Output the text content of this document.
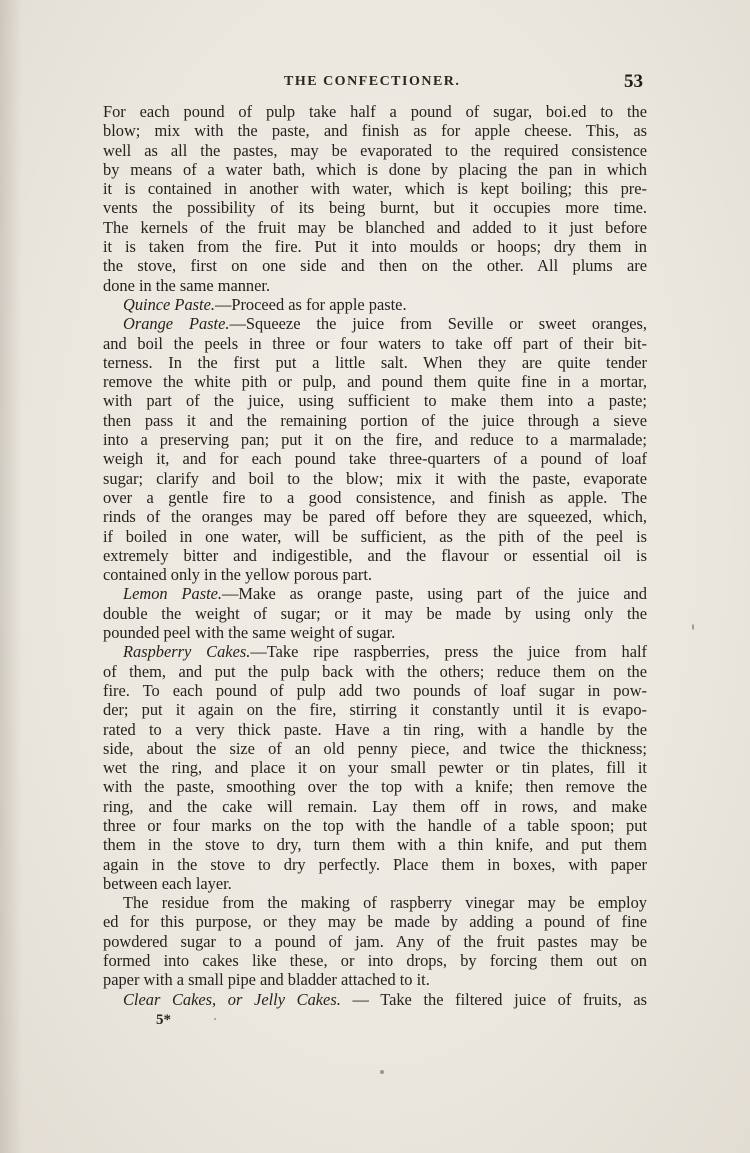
THE CONFECTIONER.	53
For each pound of pulp take half a pound of sugar, boi.ed to the
blow; mix with the paste, and finish as for apple cheese. This, as
well as all the pastes, may be evaporated to the required consistence
by means of a water bath, which is done by placing the pan in which
it is contained in another with water, which is kept boiling; this pre-
vents the possibility of its being burnt, but it occupies more time.
The kernels of the fruit may be blanched and added to it just before
it is taken from the fire. Put it into moulds or hoops; dry them in
the stove, first on one side and then on the other. All plums are
done in the same manner.
Quince Paste.—Proceed as for apple paste.
Orange Paste.—Squeeze the juice from Seville or sweet oranges,
and boil the peels in three or four waters to take off part of their bit-
terness. In the first put a little salt. When they are quite tender
remove the white pith or pulp, and pound them quite fine in a mortar,
with part of the juice, using sufficient to make them into a paste;
then pass it and the remaining portion of the juice through a sieve
into a preserving pan; put it on the fire, and reduce to a marmalade;
weigh it, and for each pound take three-quarters of a pound of loaf
sugar; clarify and boil to the blow; mix it with the paste, evaporate
over a gentle fire to a good consistence, and finish as apple. The
rinds of the oranges may be pared off before they are squeezed, which,
if boiled in one water, will be sufficient, as the pith of the peel is
extremely bitter and indigestible, and the flavour or essential oil is
contained only in the yellow porous part.
Lemon Paste.—Make as orange paste, using part of the juice and
double the weight of sugar; or it may be made by using only the
pounded peel with the same weight of sugar.
Raspberry Cakes.—Take ripe raspberries, press the juice from half
of them, and put the pulp back with the others; reduce them on the
fire. To each pound of pulp add two pounds of loaf sugar in pow-
der; put it again on the fire, stirring it constantly until it is evapo-
rated to a very thick paste. Have a tin ring, with a handle by the
side, about the size of an old penny piece, and twice the thickness;
wet the ring, and place it on your small pewter or tin plates, fill it
with the paste, smoothing over the top with a knife; then remove the
ring, and the cake will remain. Lay them off in rows, and make
three or four marks on the top with the handle of a table spoon; put
them in the stove to dry, turn them with a thin knife, and put them
again in the stove to dry perfectly. Place them in boxes, with paper
between each layer.
The residue from the making of raspberry vinegar may be employ
ed for this purpose, or they may be made by adding a pound of fine
powdered sugar to a pound of jam. Any of the fruit pastes may be
formed into cakes like these, or into drops, by forcing them out on
paper with a small pipe and bladder attached to it.
Clear Cakes, or Jelly Cakes. — Take the filtered juice of fruits, as
5*
